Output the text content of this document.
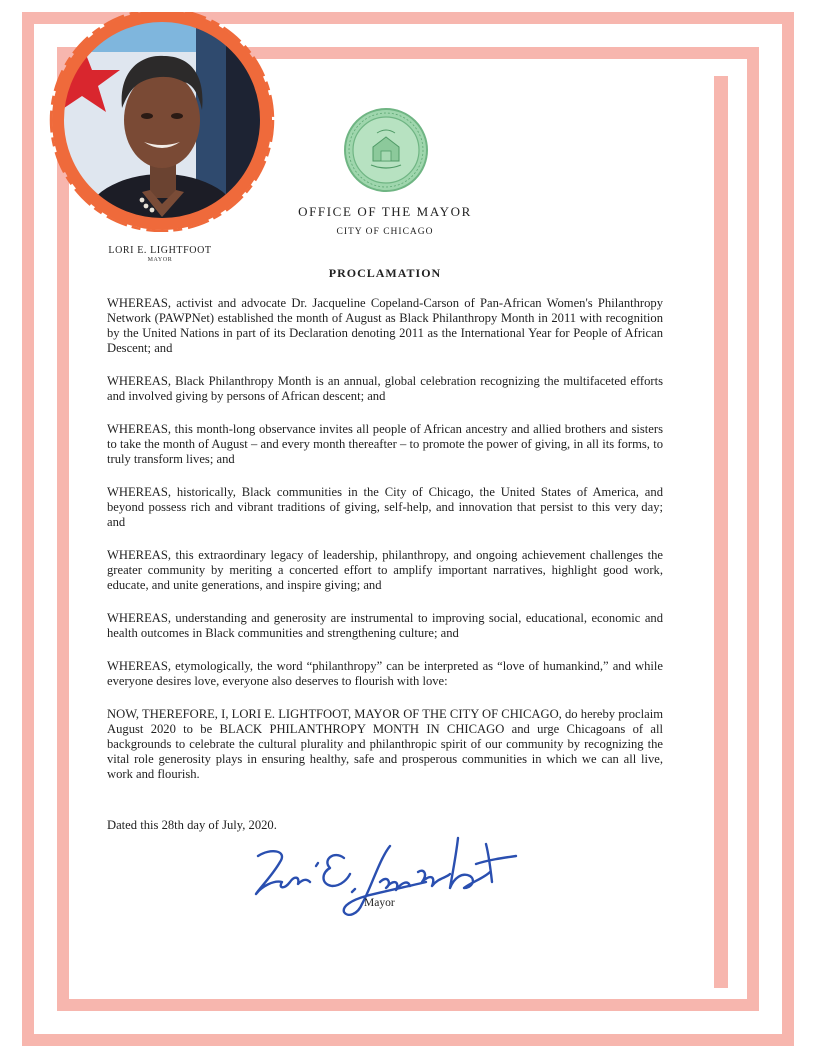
LORI E. LIGHTFOOT
MAYOR
OFFICE OF THE MAYOR
CITY OF CHICAGO
PROCLAMATION

WHEREAS, activist and advocate Dr. Jacqueline Copeland-Carson of Pan-African Women's Philanthropy Network (PAWPNet) established the month of August as Black Philanthropy Month in 2011 with recognition by the United Nations in part of its Declaration denoting 2011 as the International Year for People of African Descent; and

WHEREAS, Black Philanthropy Month is an annual, global celebration recognizing the multifaceted efforts and involved giving by persons of African descent; and

WHEREAS, this month-long observance invites all people of African ancestry and allied brothers and sisters to take the month of August – and every month thereafter – to promote the power of giving, in all its forms, to truly transform lives; and

WHEREAS, historically, Black communities in the City of Chicago, the United States of America, and beyond possess rich and vibrant traditions of giving, self-help, and innovation that persist to this very day; and

WHEREAS, this extraordinary legacy of leadership, philanthropy, and ongoing achievement challenges the greater community by meriting a concerted effort to amplify important narratives, highlight good work, educate, and unite generations, and inspire giving; and

WHEREAS, understanding and generosity are instrumental to improving social, educational, economic and health outcomes in Black communities and strengthening culture; and

WHEREAS, etymologically, the word “philanthropy” can be interpreted as “love of humankind,” and while everyone desires love, everyone also deserves to flourish with love:

NOW, THEREFORE, I, LORI E. LIGHTFOOT, MAYOR OF THE CITY OF CHICAGO, do hereby proclaim August 2020 to be BLACK PHILANTHROPY MONTH IN CHICAGO and urge Chicagoans of all backgrounds to celebrate the cultural plurality and philanthropic spirit of our community by recognizing the vital role generosity plays in ensuring healthy, safe and prosperous communities in which we can all live, work and flourish.

Dated this 28th day of July, 2020.
Mayor
